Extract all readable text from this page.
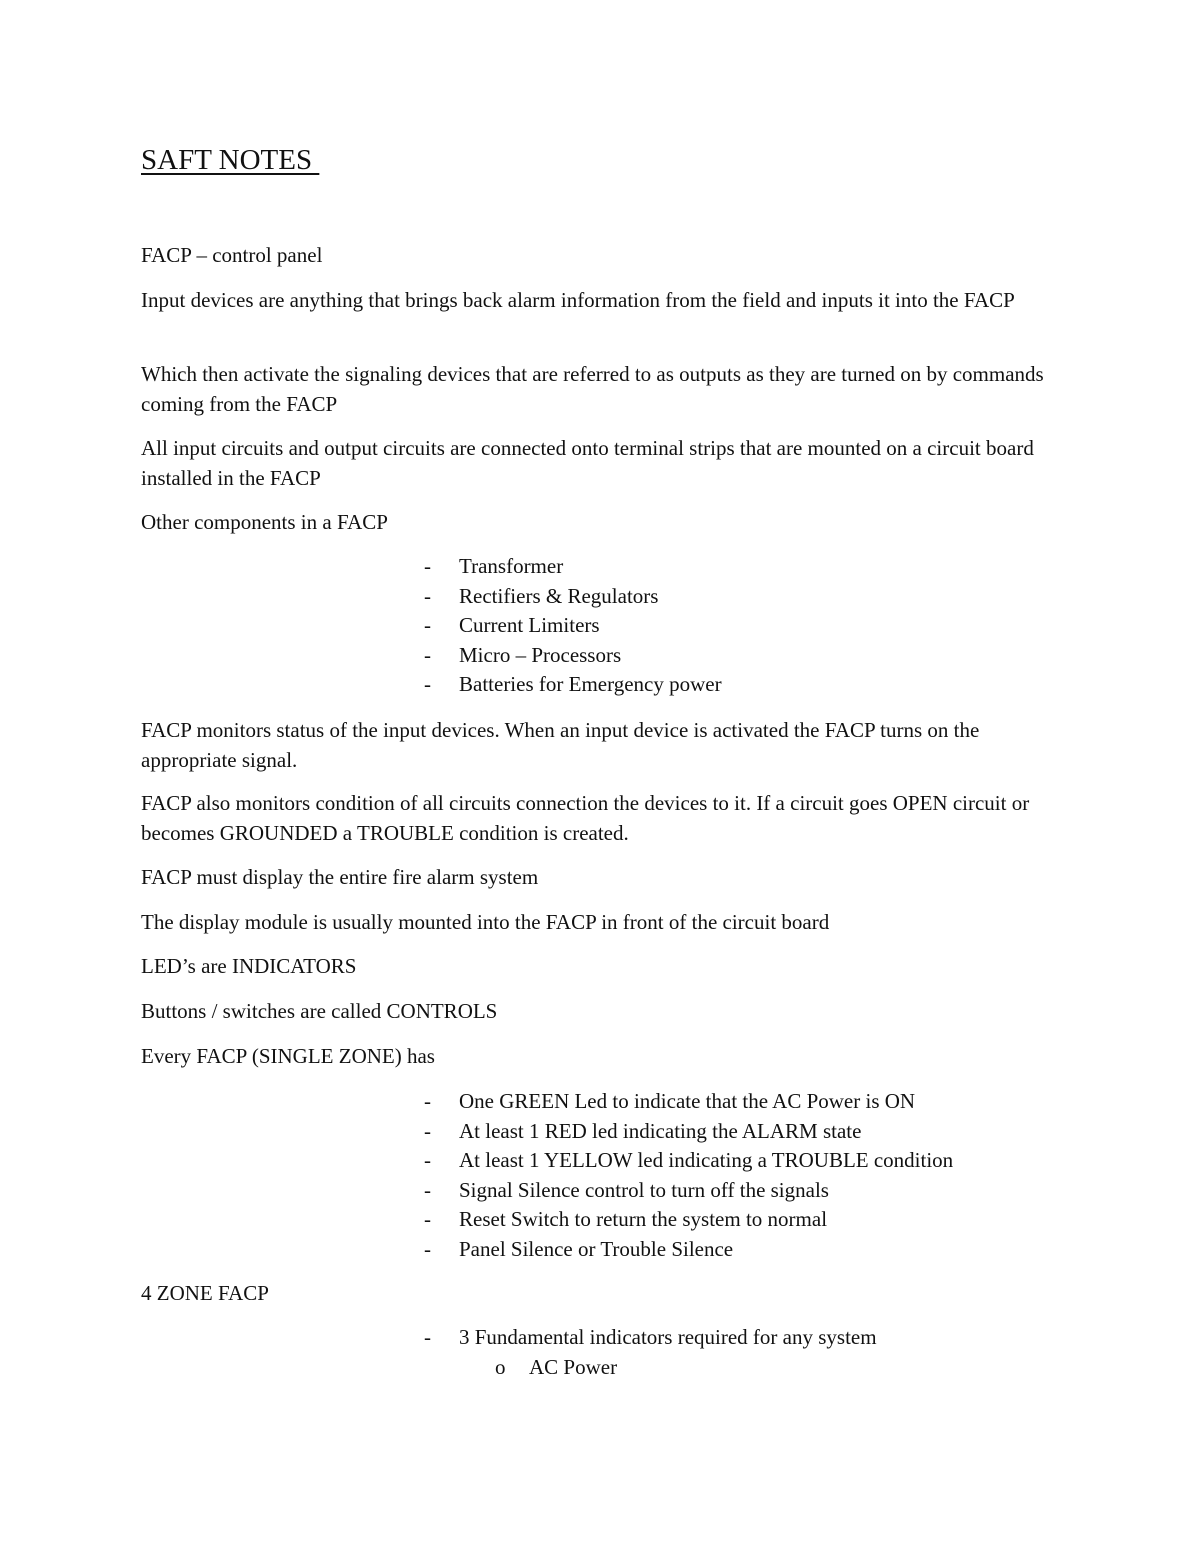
SAFT NOTES

FACP – control panel

Input devices are anything that brings back alarm information from the field and inputs it into the FACP

Which then activate the signaling devices that are referred to as outputs as they are turned on by commands coming from the FACP

All input circuits and output circuits are connected onto terminal strips that are mounted on a circuit board installed in the FACP

Other components in a FACP

- Transformer
- Rectifiers & Regulators
- Current Limiters
- Micro – Processors
- Batteries for Emergency power

FACP monitors status of the input devices. When an input device is activated the FACP turns on the appropriate signal.

FACP also monitors condition of all circuits connection the devices to it. If a circuit goes OPEN circuit or becomes GROUNDED a TROUBLE condition is created.

FACP must display the entire fire alarm system

The display module is usually mounted into the FACP in front of the circuit board

LED’s are INDICATORS

Buttons / switches are called CONTROLS

Every FACP (SINGLE ZONE) has

- One GREEN Led to indicate that the AC Power is ON
- At least 1 RED led indicating the ALARM state
- At least 1 YELLOW led indicating a TROUBLE condition
- Signal Silence control to turn off the signals
- Reset Switch to return the system to normal
- Panel Silence or Trouble Silence

4 ZONE FACP

- 3 Fundamental indicators required for any system
o AC Power
